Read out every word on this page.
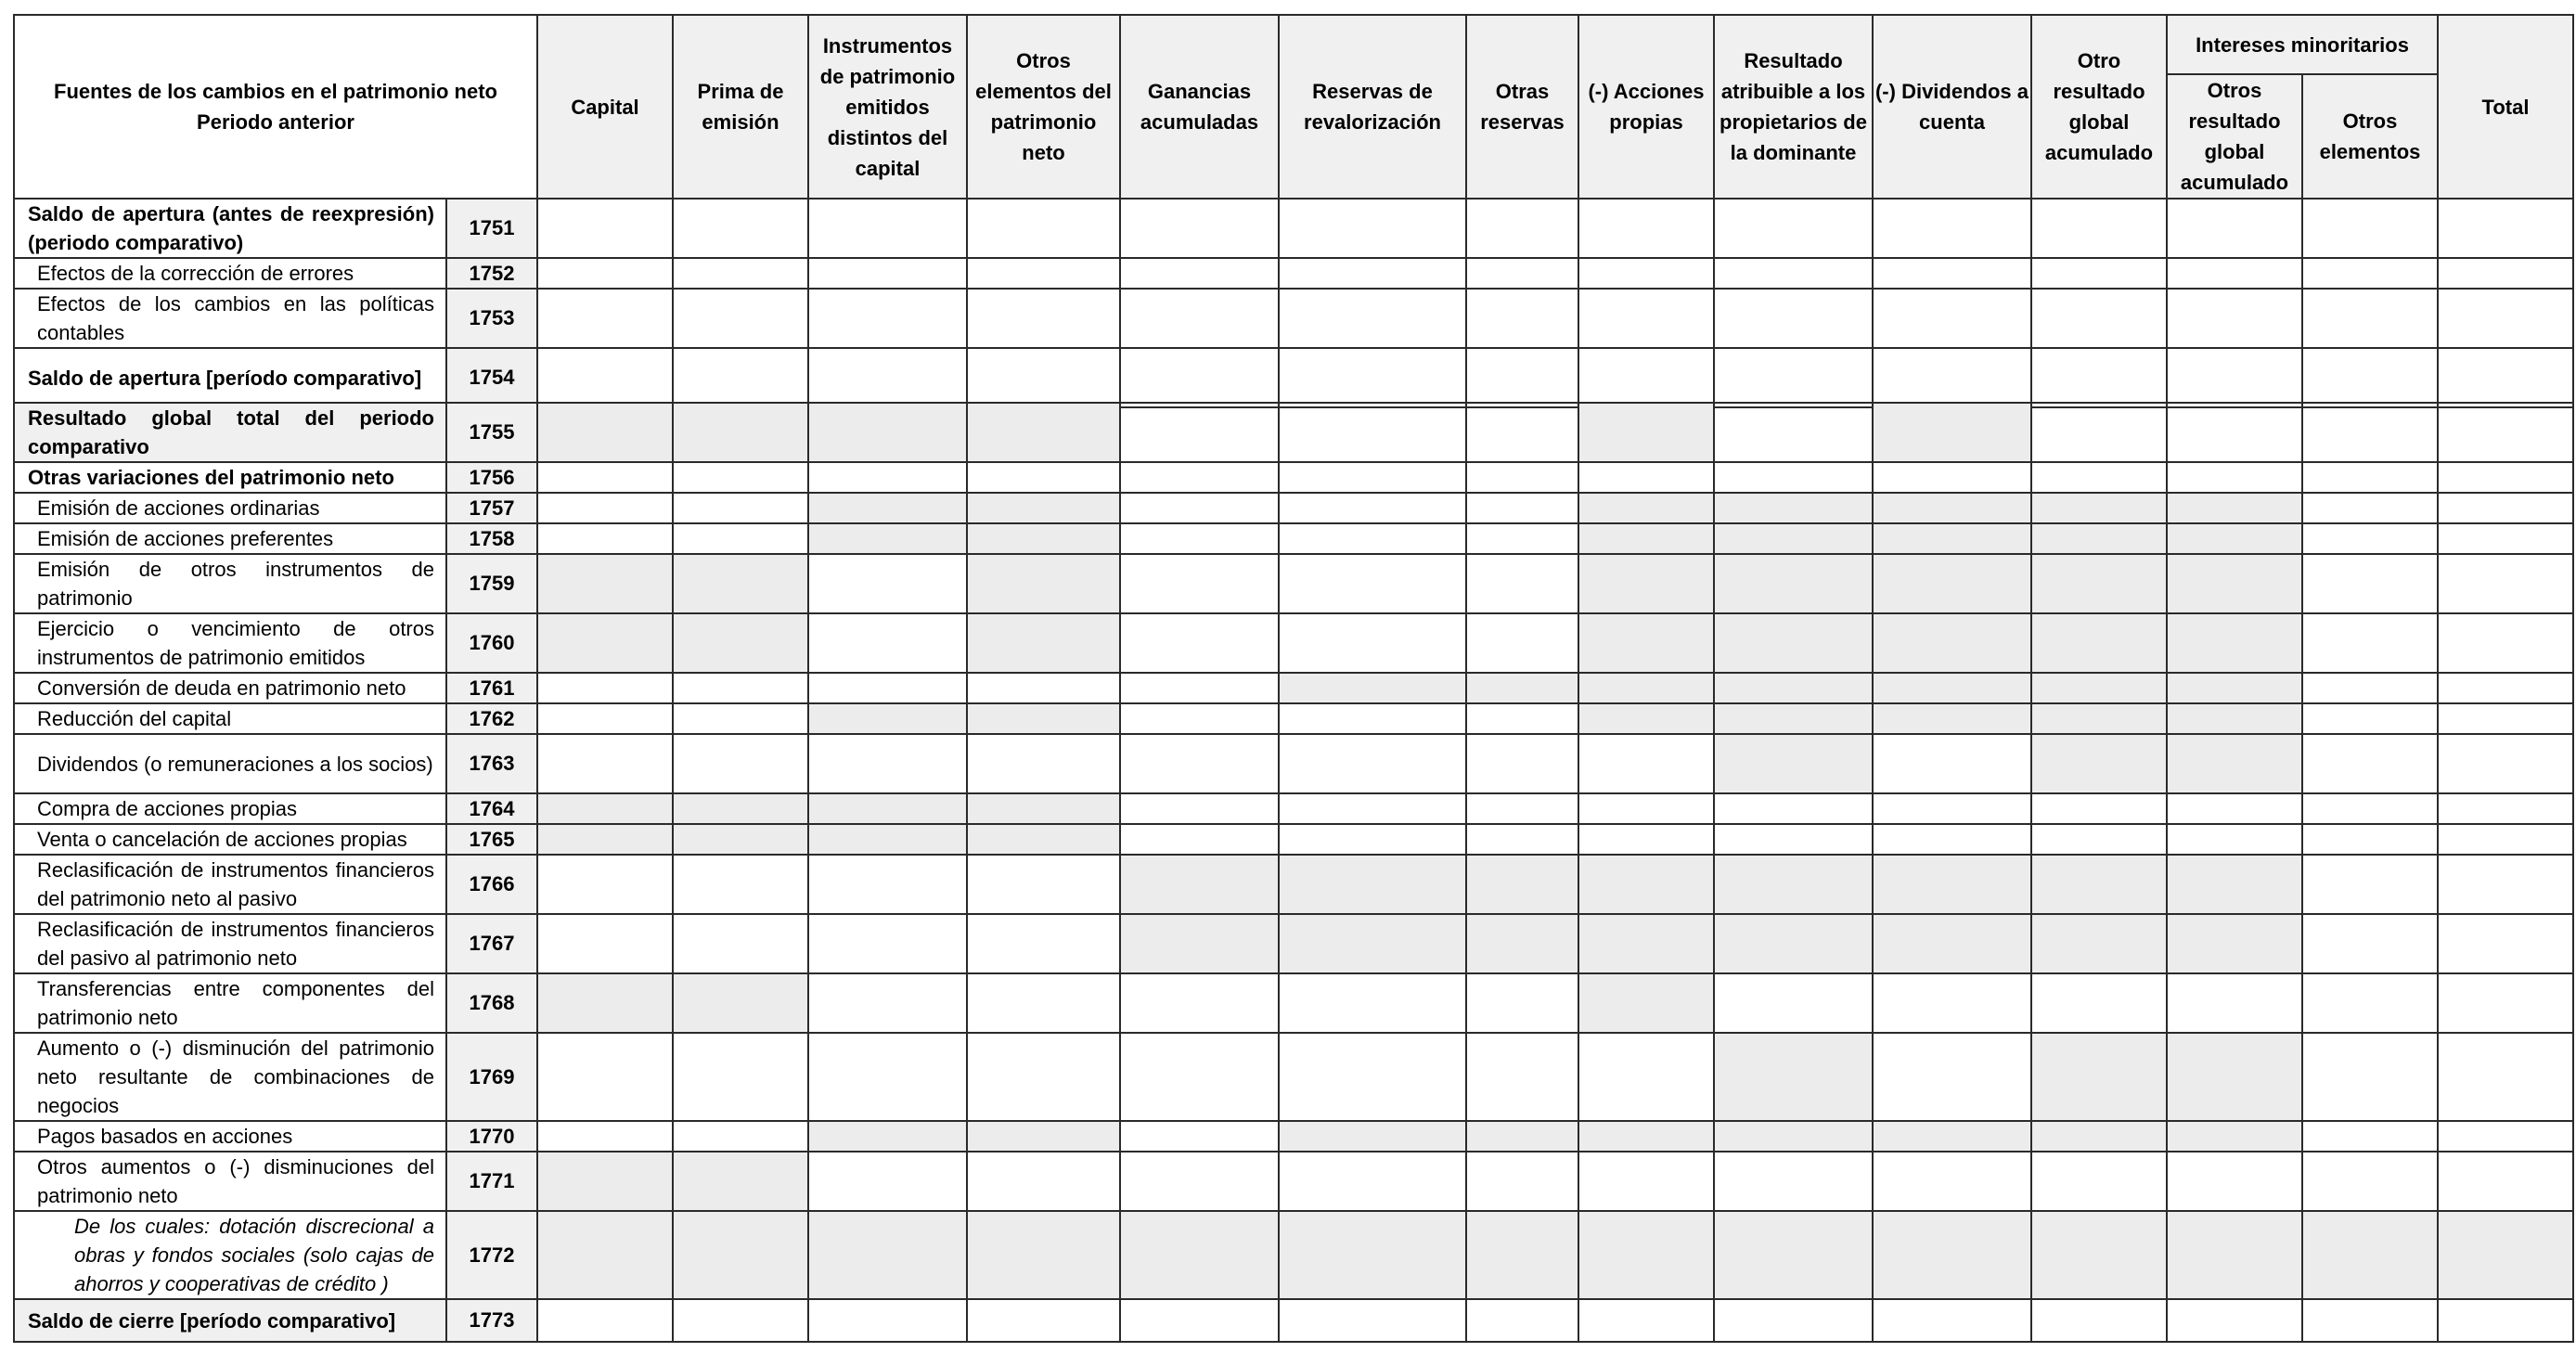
Fuentes de los cambios en el patrimonio neto
Periodo anterior		Capital	Prima de emisión	Instrumentos de patrimonio emitidos distintos del capital	Otros elementos del patrimonio neto	Ganancias acumuladas	Reservas de revalorización	Otras reservas	(-) Acciones propias	Resultado atribuible a los propietarios de la dominante	(-) Dividendos a cuenta	Otro resultado global acumulado	Intereses minoritarios		Total
													Otros resultado global acumulado	Otros elementos	
Saldo de apertura (antes de reexpresión) (periodo comparativo)	1751														
Efectos de la corrección de errores	1752														
Efectos de los cambios en las políticas contables	1753														
Saldo de apertura [período comparativo]	1754														
Resultado global total del periodo comparativo	1755														
Otras variaciones del patrimonio neto	1756														
Emisión de acciones ordinarias	1757														
Emisión de acciones preferentes	1758														
Emisión de otros instrumentos de patrimonio	1759														
Ejercicio o vencimiento de otros instrumentos de patrimonio emitidos	1760														
Conversión de deuda en patrimonio neto	1761														
Reducción del capital	1762														
Dividendos (o remuneraciones a los socios)	1763														
Compra de acciones propias	1764														
Venta o cancelación de acciones propias	1765														
Reclasificación de instrumentos financieros del patrimonio neto al pasivo	1766														
Reclasificación de instrumentos financieros del pasivo al patrimonio neto	1767														
Transferencias entre componentes del patrimonio neto	1768														
Aumento o (-) disminución del patrimonio neto resultante de combinaciones de negocios	1769														
Pagos basados en acciones	1770														
Otros aumentos o (-) disminuciones del patrimonio neto	1771														
De los cuales: dotación discrecional a obras y fondos sociales (solo cajas de ahorros y cooperativas de crédito )	1772														
Saldo de cierre [período comparativo]	1773														
